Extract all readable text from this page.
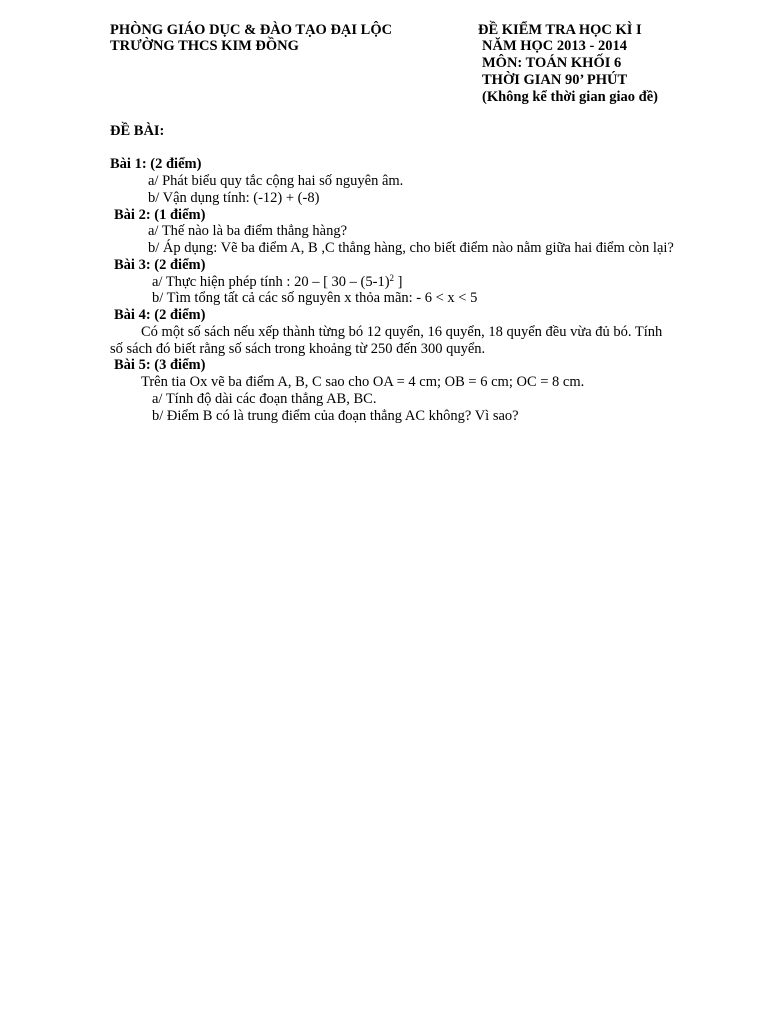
PHÒNG GIÁO DỤC & ĐÀO TẠO ĐẠI LỘC
TRƯỜNG THCS KIM ĐỒNG
ĐỀ KIỂM TRA HỌC KÌ I
NĂM HỌC 2013 - 2014
MÔN: TOÁN KHỐI 6
THỜI GIAN 90’ PHÚT
(Không kể thời gian giao đề)
ĐỀ BÀI:
Bài 1: (2 điểm)
a/ Phát biểu quy tắc cộng hai số nguyên âm.
b/ Vận dụng tính: (-12) + (-8)
Bài 2: (1 điểm)
a/ Thế nào là ba điểm thẳng hàng?
b/ Áp dụng: Vẽ ba điểm A, B ,C thẳng hàng, cho biết điểm nào nằm giữa hai điểm còn lại?
Bài 3: (2 điểm)
a/ Thực hiện phép tính : 20 – [ $30 - (5-1)^2$ ]
b/ Tìm tổng tất cả các số nguyên x thỏa mãn: - 6 < x < 5
Bài 4: (2 điểm)
Có một số sách nếu xếp thành từng bó 12 quyển, 16 quyển, 18 quyển đều vừa đủ bó. Tính
số sách đó biết rằng số sách trong khoảng từ 250 đến 300 quyển.
Bài 5: (3 điểm)
Trên tia Ox vẽ ba điểm A, B, C sao cho OA = 4 cm; OB = 6 cm; OC = 8 cm.
a/ Tính độ dài các đoạn thẳng AB, BC.
b/ Điểm B có là trung điểm của đoạn thẳng AC không? Vì sao?
